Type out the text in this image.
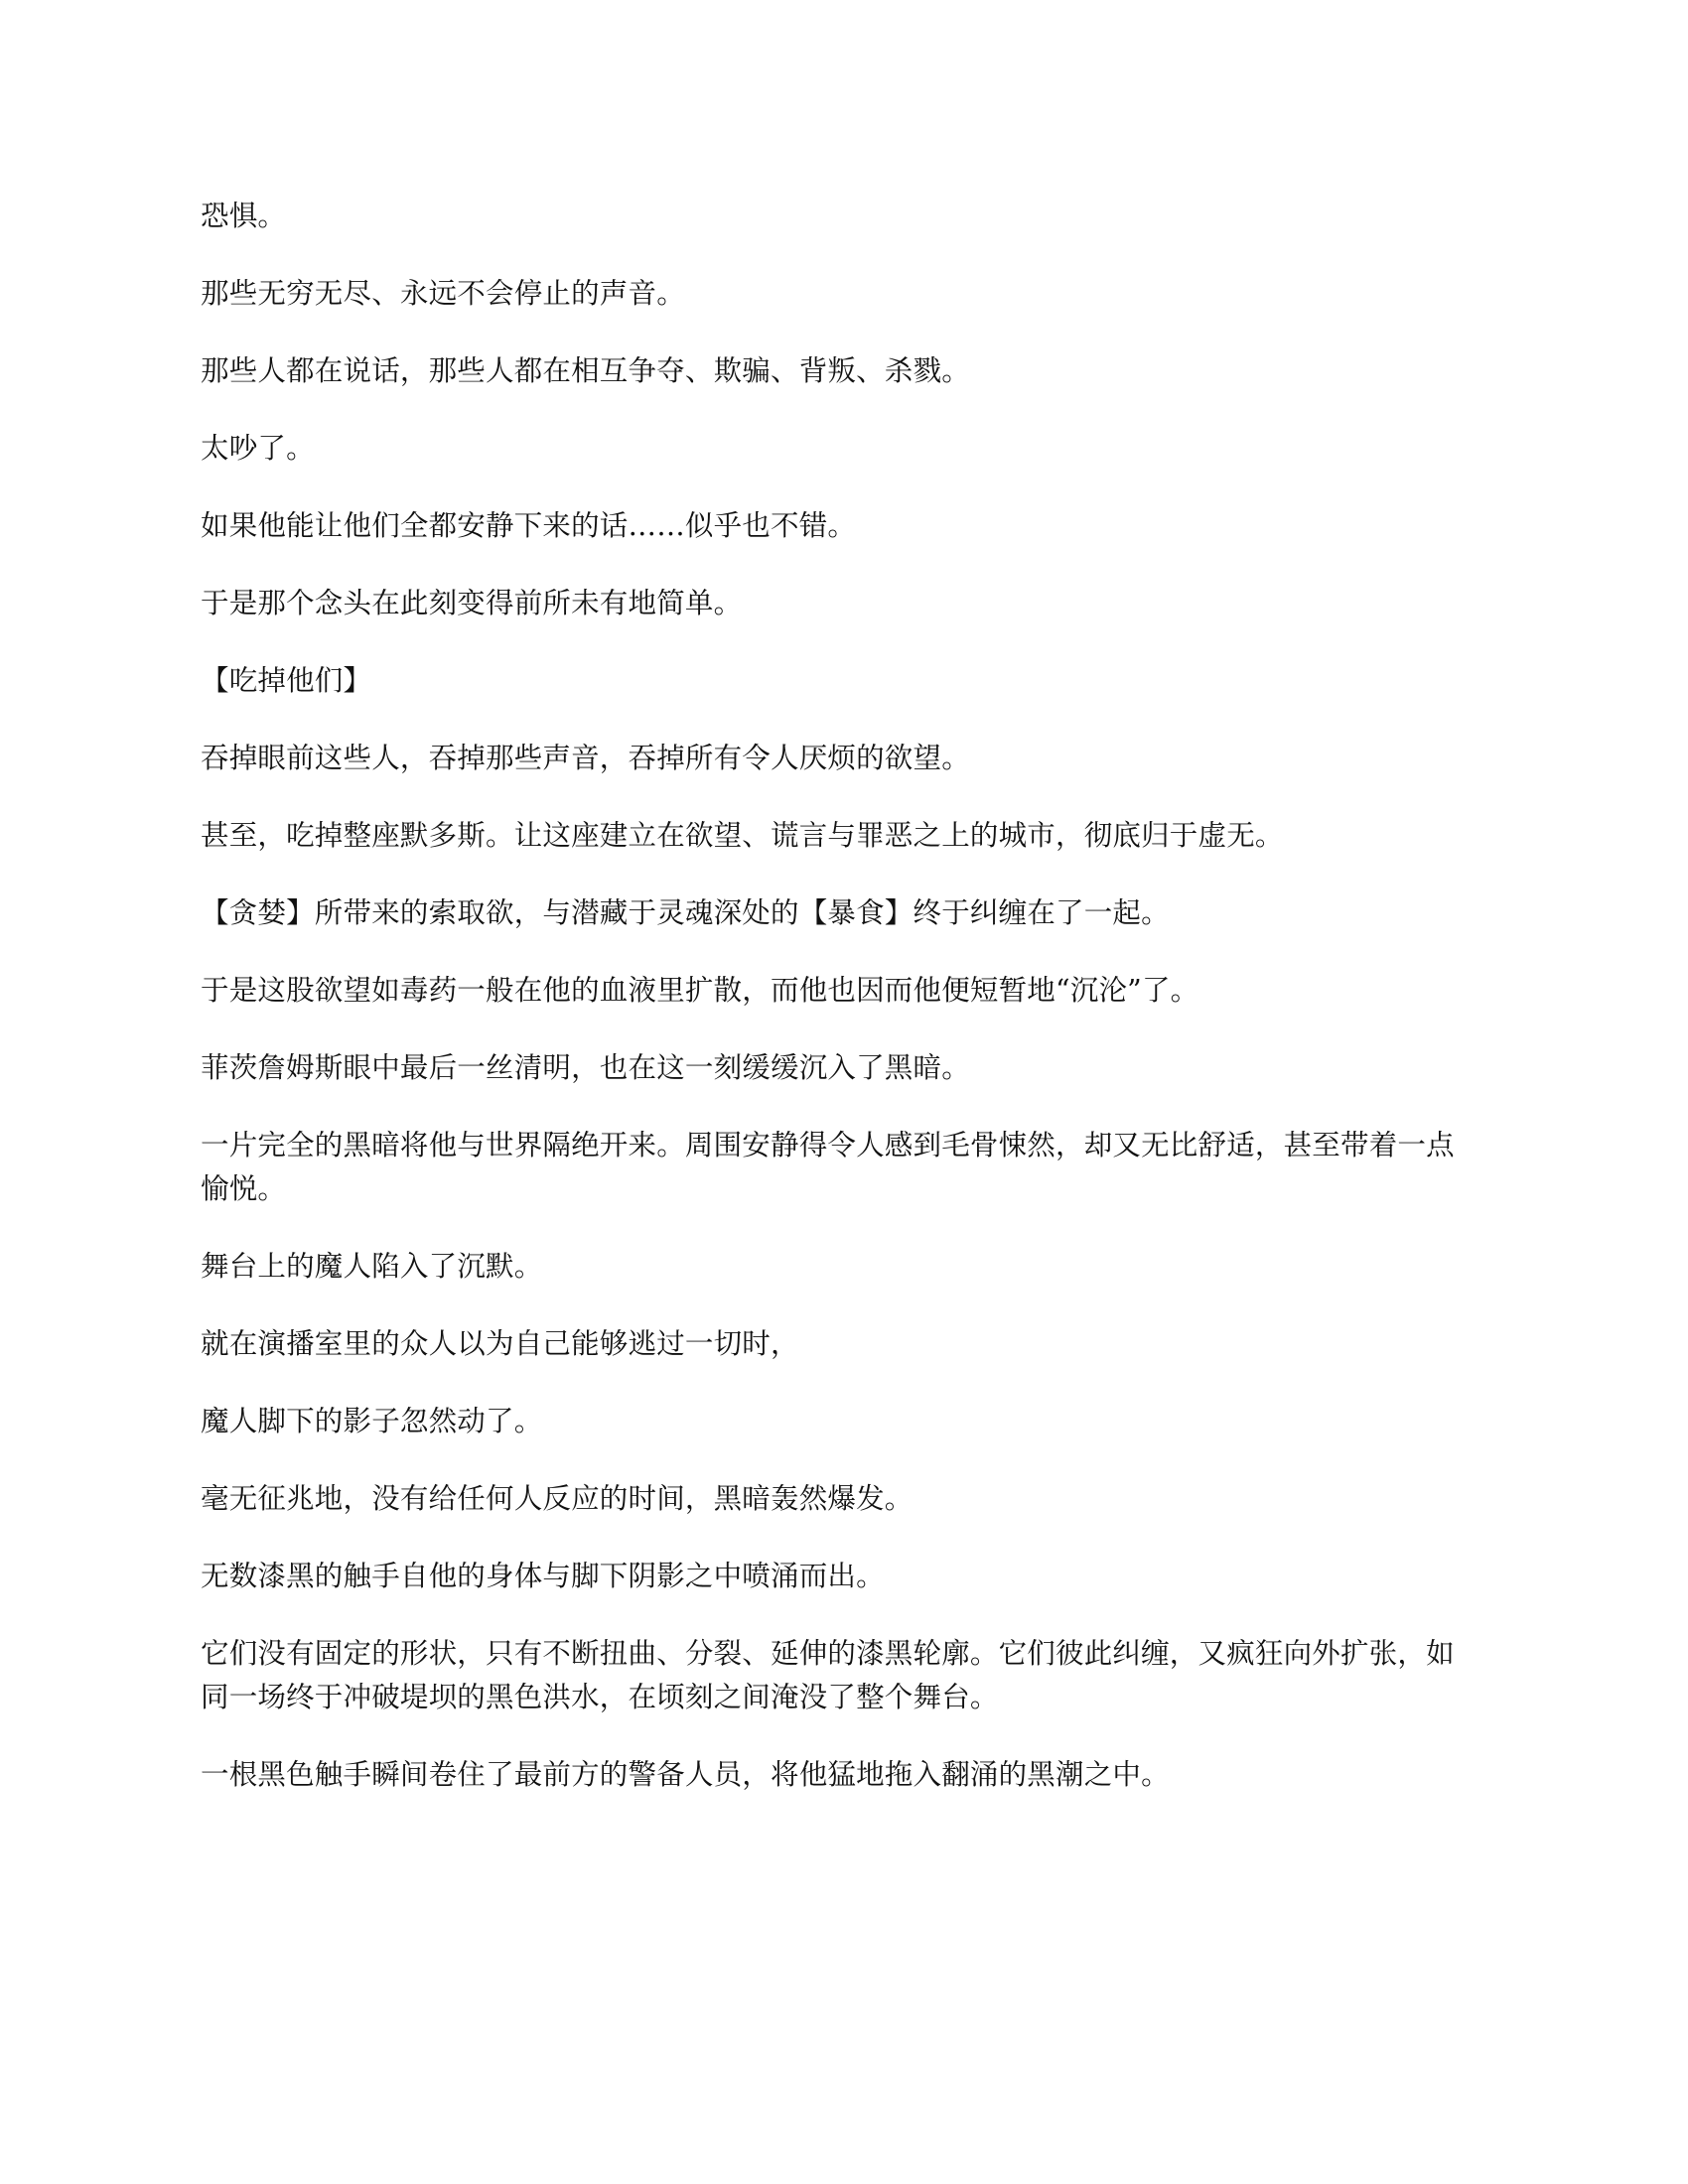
恐惧。

那些无穷无尽、永远不会停止的声音。

那些人都在说话，那些人都在相互争夺、欺骗、背叛、杀戮。

太吵了。

如果他能让他们全都安静下来的话……似乎也不错。

于是那个念头在此刻变得前所未有地简单。

【吃掉他们】

吞掉眼前这些人，吞掉那些声音，吞掉所有令人厌烦的欲望。

甚至，吃掉整座默多斯。让这座建立在欲望、谎言与罪恶之上的城市，彻底归于虚无。

【贪婪】所带来的索取欲，与潜藏于灵魂深处的【暴食】终于纠缠在了一起。

于是这股欲望如毒药一般在他的血液里扩散，而他也因而他便短暂地“沉沦”了。

菲茨詹姆斯眼中最后一丝清明，也在这一刻缓缓沉入了黑暗。

一片完全的黑暗将他与世界隔绝开来。周围安静得令人感到毛骨悚然，却又无比舒适，甚至带着一点愉悦。

舞台上的魔人陷入了沉默。

就在演播室里的众人以为自己能够逃过一切时，

魔人脚下的影子忽然动了。

毫无征兆地，没有给任何人反应的时间，黑暗轰然爆发。

无数漆黑的触手自他的身体与脚下阴影之中喷涌而出。

它们没有固定的形状，只有不断扭曲、分裂、延伸的漆黑轮廓。它们彼此纠缠，又疯狂向外扩张，如同一场终于冲破堤坝的黑色洪水，在顷刻之间淹没了整个舞台。

一根黑色触手瞬间卷住了最前方的警备人员，将他猛地拖入翻涌的黑潮之中。
